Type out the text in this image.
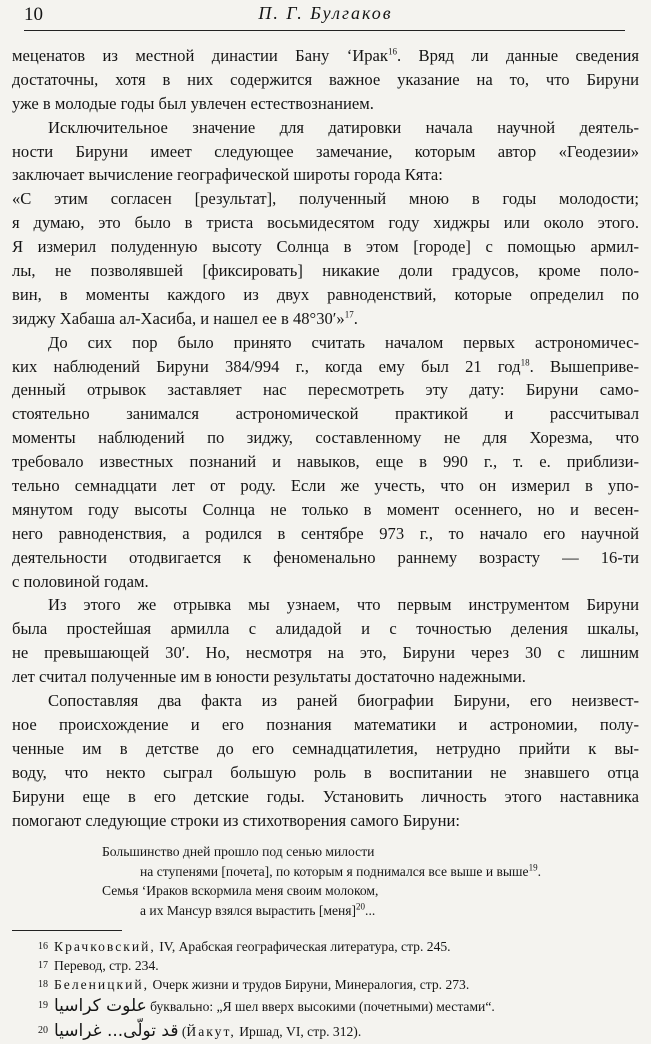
10	П. Г. Булгаков
меценатов из местной династии Бану ‘Ирак$^{16}$. Вряд ли данные сведения
достаточны, хотя в них содержится важное указание на то, что Бируни
уже в молодые годы был увлечен естествознанием.
Исключительное значение для датировки начала научной деятель-
ности Бируни имеет следующее замечание, которым автор «Геодезии»
заключает вычисление географической широты города Кята:
«С этим согласен [результат], полученный мною в годы молодости;
я думаю, это было в триста восьмидесятом году хиджры или около этого.
Я измерил полуденную высоту Солнца в этом [городе] с помощью армил-
лы, не позволявшей [фиксировать] никакие доли градусов, кроме поло-
вин, в моменты каждого из двух равноденствий, которые определил по
зиджу Хабаша ал-Хасиба, и нашел ее в 48°30′»$^{17}$.
До сих пор было принято считать началом первых астрономичес-
ких наблюдений Бируни 384/994 г., когда ему был 21 год$^{18}$. Вышеприве-
денный отрывок заставляет нас пересмотреть эту дату: Бируни само-
стоятельно занимался астрономической практикой и рассчитывал
моменты наблюдений по зиджу, составленному не для Хорезма, что
требовало известных познаний и навыков, еще в 990 г., т. е. приблизи-
тельно семнадцати лет от роду. Если же учесть, что он измерил в упо-
мянутом году высоты Солнца не только в момент осеннего, но и весен-
него равноденствия, а родился в сентябре 973 г., то начало его научной
деятельности отодвигается к феноменально раннему возрасту — 16-ти
с половиной годам.
Из этого же отрывка мы узнаем, что первым инструментом Бируни
была простейшая армилла с алидадой и с точностью деления шкалы,
не превышающей 30′. Но, несмотря на это, Бируни через 30 с лишним
лет считал полученные им в юности результаты достаточно надежными.
Сопоставляя два факта из раней биографии Бируни, его неизвест-
ное происхождение и его познания математики и астрономии, полу-
ченные им в детстве до его семнадцатилетия, нетрудно прийти к вы-
воду, что некто сыграл большую роль в воспитании не знавшего отца
Бируни еще в его детские годы. Установить личность этого наставника
помогают следующие строки из стихотворения самого Бируни:
Большинство дней прошло под сенью милости
на ступенями [почета], по которым я поднимался все выше и выше$^{19}$.
Семья ‘Ираков вскормила меня своим молоком,
а их Мансур взялся вырастить [меня]$^{20}$...
16 Крачковский, IV, Арабская географическая литература, стр. 245.
17 Перевод, стр. 234.
18 Беленицкий, Очерк жизни и трудов Бируни, Минералогия, стр. 273.
19 علوت كراسيا буквально: „Я шел вверх высокими (почетными) местами“.
20 قد تولّى... غراسيا (Йакут, Иршад, VI, стр. 312).
